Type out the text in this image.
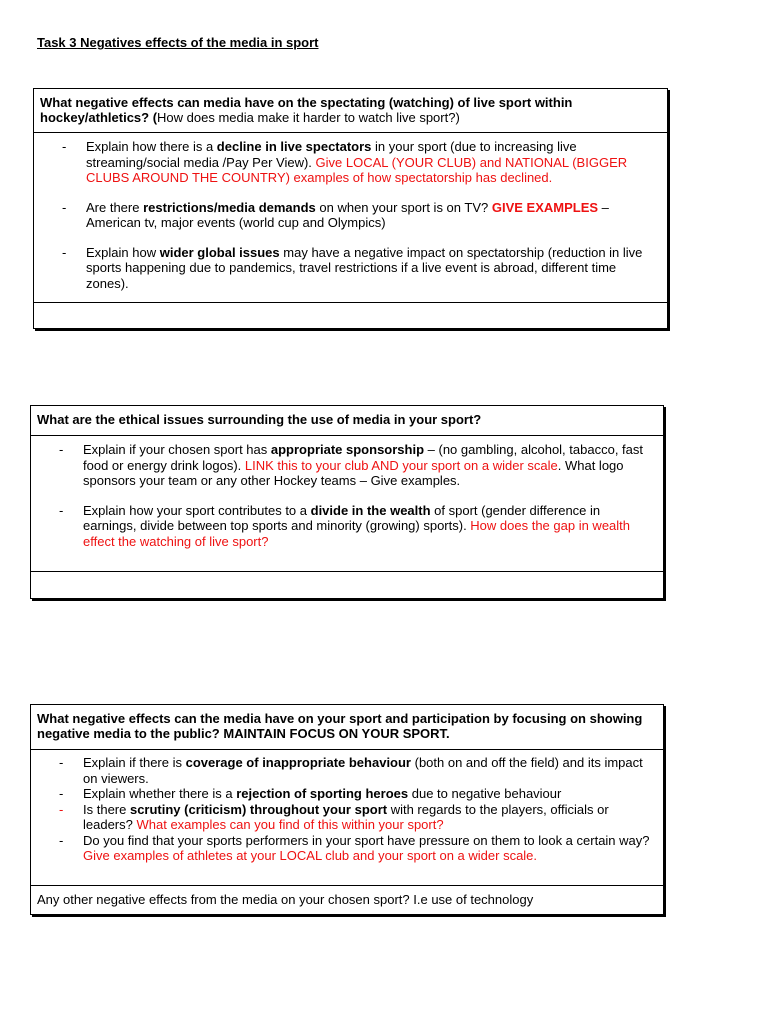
Task 3 Negatives effects of the media in sport
What negative effects can media have on the spectating (watching) of live sport within hockey/athletics? (How does media make it harder to watch live sport?)
- Explain how there is a decline in live spectators in your sport (due to increasing live streaming/social media /Pay Per View). Give LOCAL (YOUR CLUB) and NATIONAL (BIGGER CLUBS AROUND THE COUNTRY) examples of how spectatorship has declined.
- Are there restrictions/media demands on when your sport is on TV? GIVE EXAMPLES – American tv, major events (world cup and Olympics)
- Explain how wider global issues may have a negative impact on spectatorship (reduction in live sports happening due to pandemics, travel restrictions if a live event is abroad, different time zones).
What are the ethical issues surrounding the use of media in your sport?
- Explain if your chosen sport has appropriate sponsorship – (no gambling, alcohol, tabacco, fast food or energy drink logos). LINK this to your club AND your sport on a wider scale. What logo sponsors your team or any other Hockey teams – Give examples.
- Explain how your sport contributes to a divide in the wealth of sport (gender difference in earnings, divide between top sports and minority (growing) sports). How does the gap in wealth effect the watching of live sport?
What negative effects can the media have on your sport and participation by focusing on showing negative media to the public? MAINTAIN FOCUS ON YOUR SPORT.
- Explain if there is coverage of inappropriate behaviour (both on and off the field) and its impact on viewers.
- Explain whether there is a rejection of sporting heroes due to negative behaviour
- Is there scrutiny (criticism) throughout your sport with regards to the players, officials or leaders? What examples can you find of this within your sport?
- Do you find that your sports performers in your sport have pressure on them to look a certain way? Give examples of athletes at your LOCAL club and your sport on a wider scale.
Any other negative effects from the media on your chosen sport? I.e use of technology
